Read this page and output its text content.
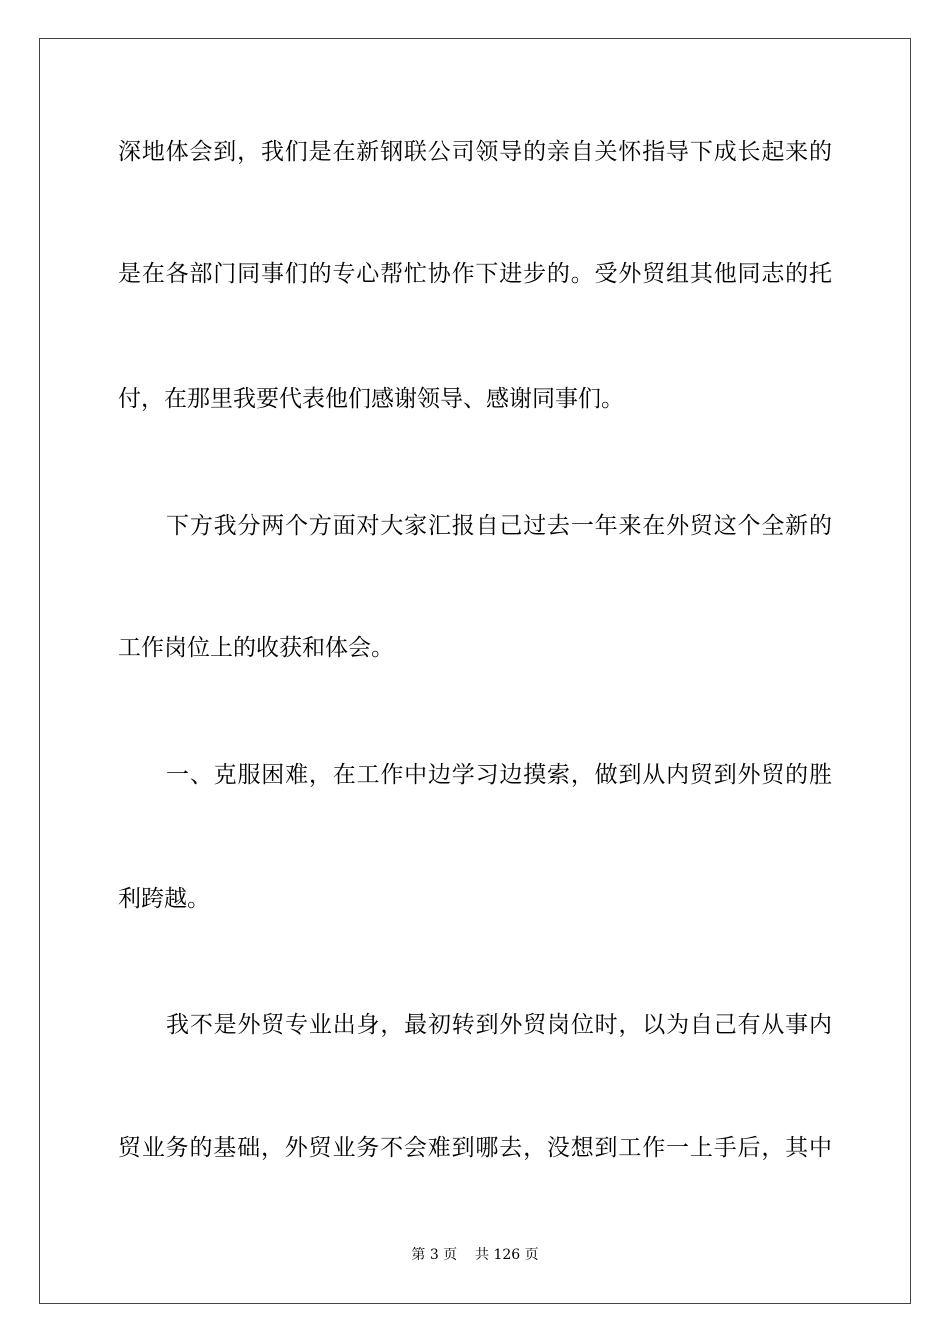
深地体会到，我们是在新钢联公司领导的亲自关怀指导下成长起来的
是在各部门同事们的专心帮忙协作下进步的。受外贸组其他同志的托
付，在那里我要代表他们感谢领导、感谢同事们。
下方我分两个方面对大家汇报自己过去一年来在外贸这个全新的
工作岗位上的收获和体会。
一、克服困难，在工作中边学习边摸索，做到从内贸到外贸的胜
利跨越。
我不是外贸专业出身，最初转到外贸岗位时，以为自己有从事内
贸业务的基础，外贸业务不会难到哪去，没想到工作一上手后，其中
第 3 页 共 126 页
